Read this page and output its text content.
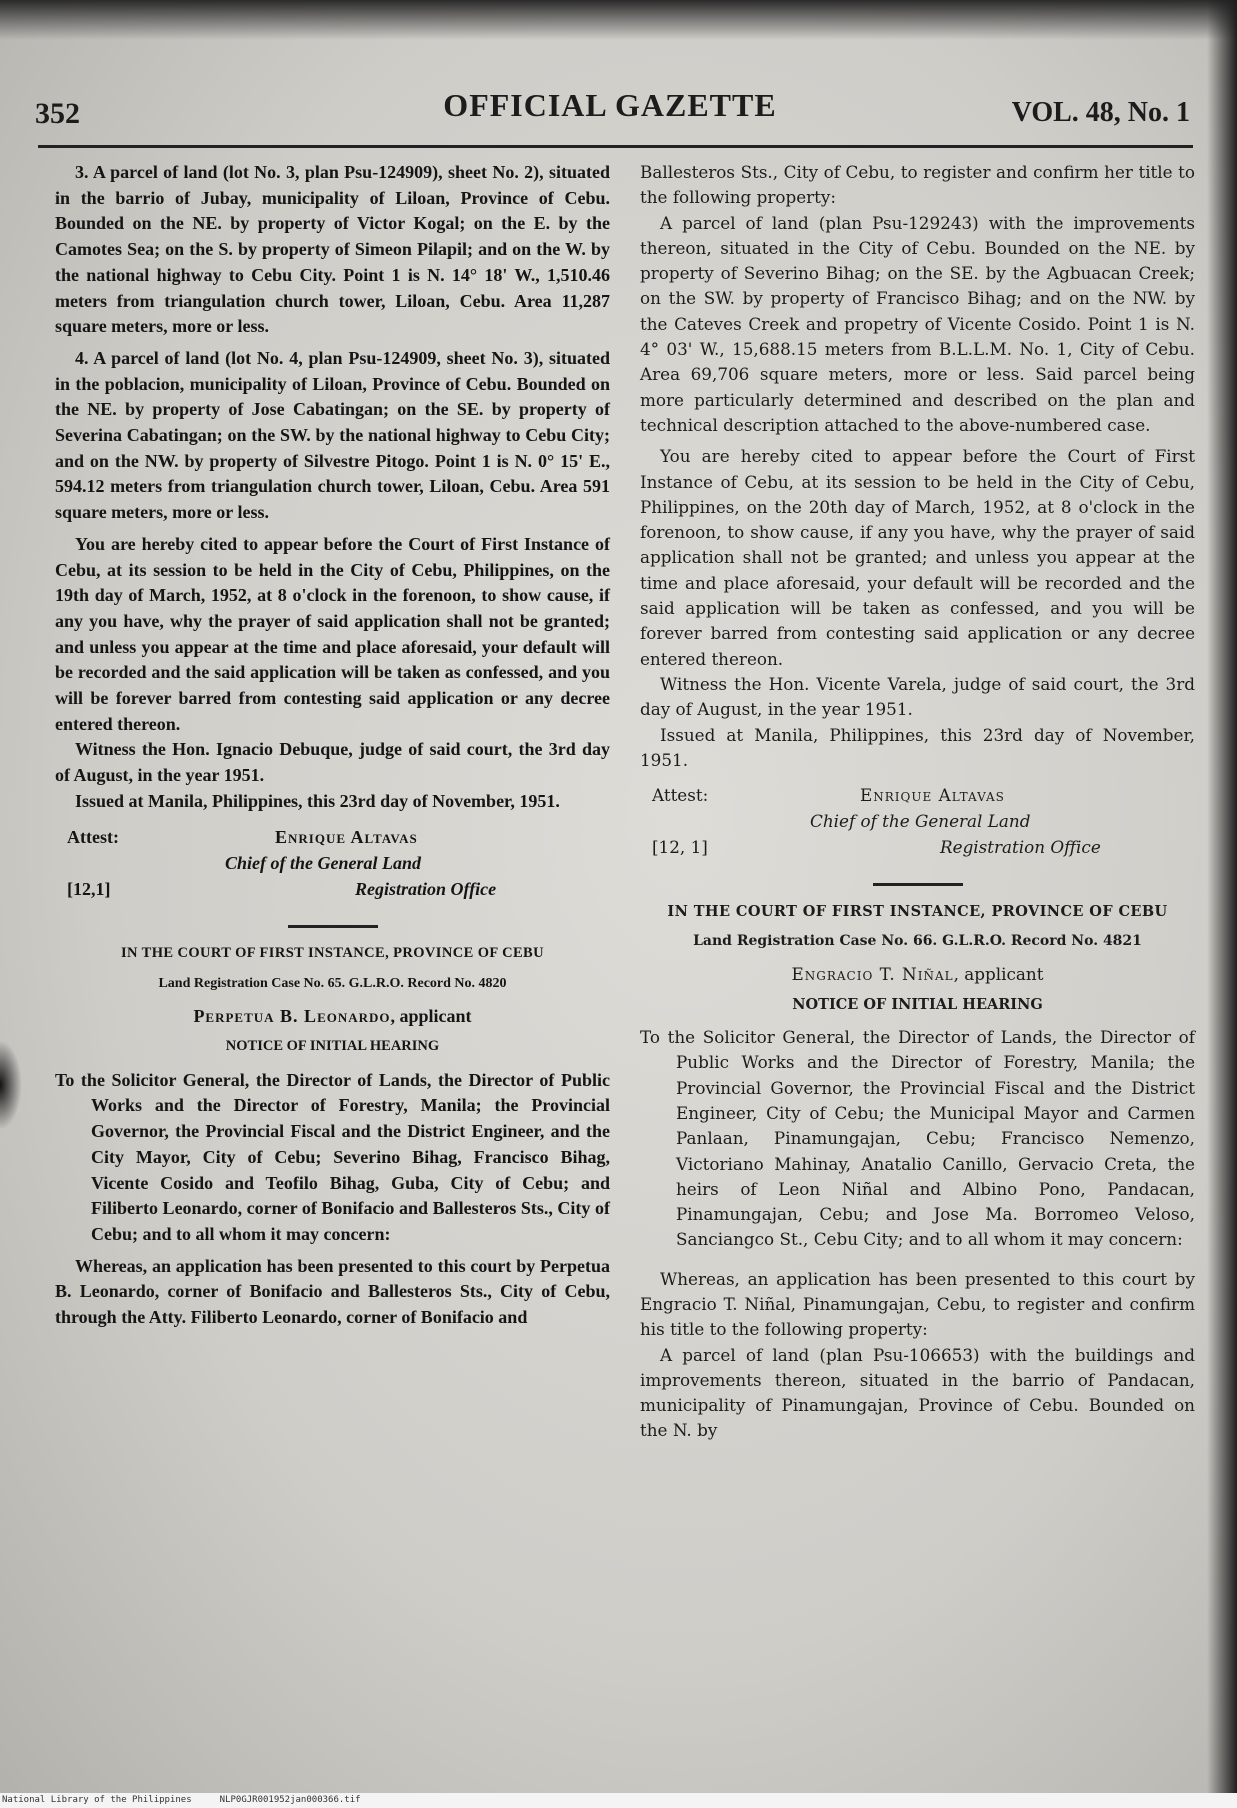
352	OFFICIAL GAZETTE	VOL. 48, No. 1

3. A parcel of land (lot No. 3, plan Psu-124909), sheet No. 2), situated in the barrio of Jubay, municipality of Liloan, Province of Cebu. Bounded on the NE. by property of Victor Kogal; on the E. by the Camotes Sea; on the S. by property of Simeon Pilapil; and on the W. by the national highway to Cebu City. Point 1 is N. 14° 18' W., 1,510.46 meters from triangulation church tower, Liloan, Cebu. Area 11,287 square meters, more or less.

4. A parcel of land (lot No. 4, plan Psu-124909, sheet No. 3), situated in the poblacion, municipality of Liloan, Province of Cebu. Bounded on the NE. by property of Jose Cabatingan; on the SE. by property of Severina Cabatingan; on the SW. by the national highway to Cebu City; and on the NW. by property of Silvestre Pitogo. Point 1 is N. 0° 15' E., 594.12 meters from triangulation church tower, Liloan, Cebu. Area 591 square meters, more or less.

You are hereby cited to appear before the Court of First Instance of Cebu, at its session to be held in the City of Cebu, Philippines, on the 19th day of March, 1952, at 8 o'clock in the forenoon, to show cause, if any you have, why the prayer of said application shall not be granted; and unless you appear at the time and place aforesaid, your default will be recorded and the said application will be taken as confessed, and you will be forever barred from contesting said application or any decree entered thereon.

Witness the Hon. Ignacio Debuque, judge of said court, the 3rd day of August, in the year 1951.

Issued at Manila, Philippines, this 23rd day of November, 1951.

Attest:	Enrique Altavas
Chief of the General Land
[12,1]	Registration Office
IN THE COURT OF FIRST INSTANCE, PROVINCE OF CEBU
Land Registration Case No. 65. G.L.R.O. Record No. 4820
Perpetua B. Leonardo, applicant
NOTICE OF INITIAL HEARING

To the Solicitor General, the Director of Lands, the Director of Public Works and the Director of Forestry, Manila; the Provincial Governor, the Provincial Fiscal and the District Engineer, and the City Mayor, City of Cebu; Severino Bihag, Francisco Bihag, Vicente Cosido and Teofilo Bihag, Guba, City of Cebu; and Filiberto Leonardo, corner of Bonifacio and Ballesteros Sts., City of Cebu; and to all whom it may concern:

Whereas, an application has been presented to this court by Perpetua B. Leonardo, corner of Bonifacio and Ballesteros Sts., City of Cebu, through the Atty. Filiberto Leonardo, corner of Bonifacio and

Ballesteros Sts., City of Cebu, to register and confirm her title to the following property:

A parcel of land (plan Psu-129243) with the improvements thereon, situated in the City of Cebu. Bounded on the NE. by property of Severino Bihag; on the SE. by the Agbuacan Creek; on the SW. by property of Francisco Bihag; and on the NW. by the Cateves Creek and propetry of Vicente Cosido. Point 1 is N. 4° 03' W., 15,688.15 meters from B.L.L.M. No. 1, City of Cebu. Area 69,706 square meters, more or less. Said parcel being more particularly determined and described on the plan and technical description attached to the above-numbered case.

You are hereby cited to appear before the Court of First Instance of Cebu, at its session to be held in the City of Cebu, Philippines, on the 20th day of March, 1952, at 8 o'clock in the forenoon, to show cause, if any you have, why the prayer of said application shall not be granted; and unless you appear at the time and place aforesaid, your default will be recorded and the said application will be taken as confessed, and you will be forever barred from contesting said application or any decree entered thereon.

Witness the Hon. Vicente Varela, judge of said court, the 3rd day of August, in the year 1951.

Issued at Manila, Philippines, this 23rd day of November, 1951.

Attest:	Enrique Altavas
Chief of the General Land
[12, 1]	Registration Office
IN THE COURT OF FIRST INSTANCE, PROVINCE OF CEBU
Land Registration Case No. 66. G.L.R.O. Record No. 4821
Engracio T. Niñal, applicant
NOTICE OF INITIAL HEARING

To the Solicitor General, the Director of Lands, the Director of Public Works and the Director of Forestry, Manila; the Provincial Governor, the Provincial Fiscal and the District Engineer, City of Cebu; the Municipal Mayor and Carmen Panlaan, Pinamungajan, Cebu; Francisco Nemenzo, Victoriano Mahinay, Anatalio Canillo, Gervacio Creta, the heirs of Leon Niñal and Albino Pono, Pandacan, Pinamungajan, Cebu; and Jose Ma. Borromeo Veloso, Sanciangco St., Cebu City; and to all whom it may concern:

Whereas, an application has been presented to this court by Engracio T. Niñal, Pinamungajan, Cebu, to register and confirm his title to the following property:

A parcel of land (plan Psu-106653) with the buildings and improvements thereon, situated in the barrio of Pandacan, municipality of Pinamungajan, Province of Cebu. Bounded on the N. by

National Library of the Philippines	NLP0GJR001952jan000366.tif
